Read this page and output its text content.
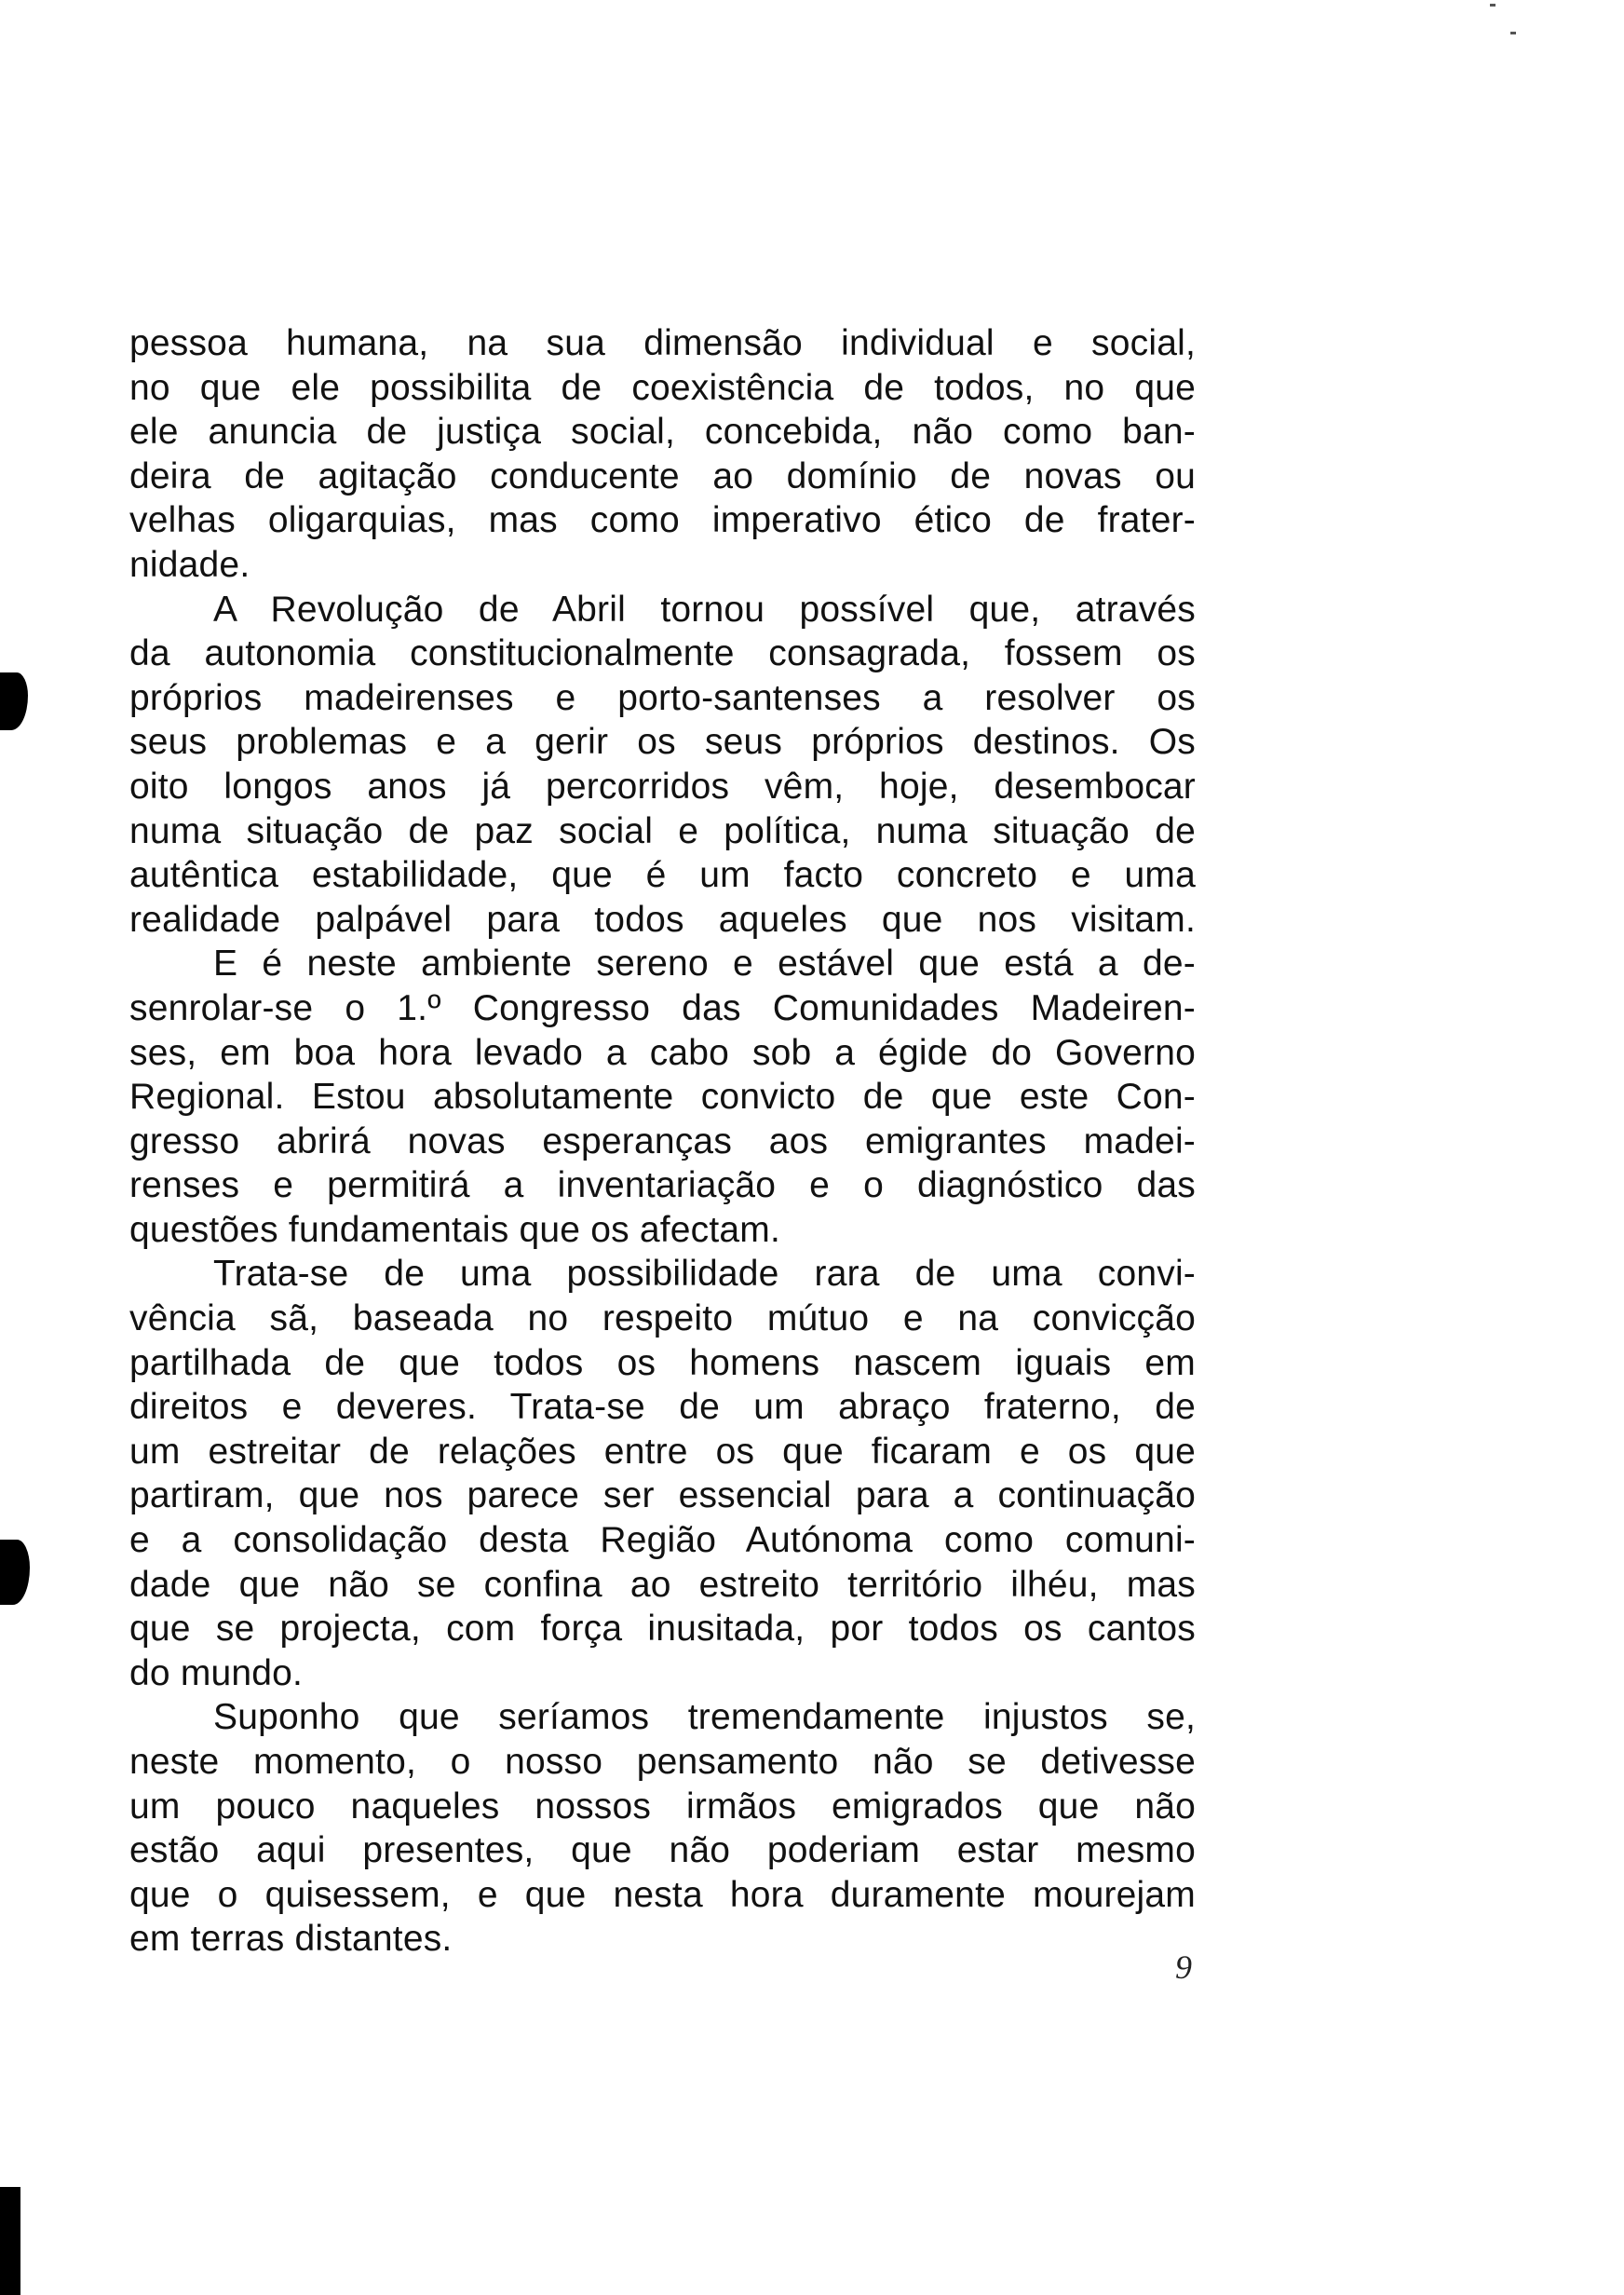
pessoa humana, na sua dimensão individual e social,
no que ele possibilita de coexistência de todos, no que
ele anuncia de justiça social, concebida, não como ban-
deira de agitação conducente ao domínio de novas ou
velhas oligarquias, mas como imperativo ético de frater-
nidade.
A Revolução de Abril tornou possível que, através
da autonomia constitucionalmente consagrada, fossem os
próprios madeirenses e porto-santenses a resolver os
seus problemas e a gerir os seus próprios destinos. Os
oito longos anos já percorridos vêm, hoje, desembocar
numa situação de paz social e política, numa situação de
autêntica estabilidade, que é um facto concreto e uma
realidade palpável para todos aqueles que nos visitam.
E é neste ambiente sereno e estável que está a de-
senrolar-se o 1.º Congresso das Comunidades Madeiren-
ses, em boa hora levado a cabo sob a égide do Governo
Regional. Estou absolutamente convicto de que este Con-
gresso abrirá novas esperanças aos emigrantes madei-
renses e permitirá a inventariação e o diagnóstico das
questões fundamentais que os afectam.
Trata-se de uma possibilidade rara de uma convi-
vência sã, baseada no respeito mútuo e na convicção
partilhada de que todos os homens nascem iguais em
direitos e deveres. Trata-se de um abraço fraterno, de
um estreitar de relações entre os que ficaram e os que
partiram, que nos parece ser essencial para a continuação
e a consolidação desta Região Autónoma como comuni-
dade que não se confina ao estreito território ilhéu, mas
que se projecta, com força inusitada, por todos os cantos
do mundo.
Suponho que seríamos tremendamente injustos se,
neste momento, o nosso pensamento não se detivesse
um pouco naqueles nossos irmãos emigrados que não
estão aqui presentes, que não poderiam estar mesmo
que o quisessem, e que nesta hora duramente mourejam
em terras distantes.
9
